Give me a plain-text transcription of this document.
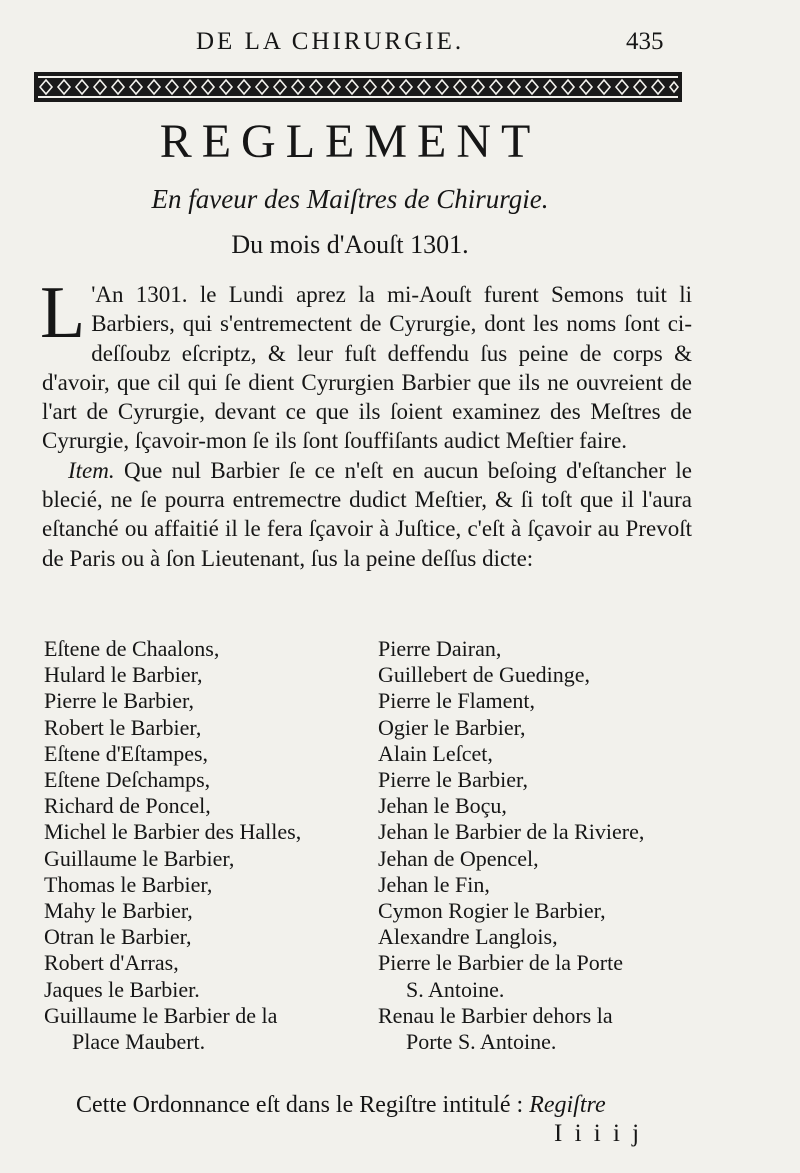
DE LA CHIRURGIE.	435
REGLEMENT
En faveur des Maiſtres de Chirurgie.
Du mois d'Aouſt 1301.

L 'An 1301. le Lundi aprez la mi-Aouſt furent Semons tuit li Barbiers, qui s'entremectent de Cyrurgie, dont les noms ſont ci-deſſoubz eſcriptz, & leur fuſt deffendu ſus peine de corps & d'avoir, que cil qui ſe dient Cyrurgien Barbier que ils ne ouvreient de l'art de Cyrurgie, devant ce que ils ſoient examinez des Meſtres de Cyrurgie, ſçavoir-mon ſe ils ſont ſouffiſants audict Meſtier faire.

Item. Que nul Barbier ſe ce n'eſt en aucun beſoing d'eſtancher le blecié, ne ſe pourra entremectre dudict Meſtier, & ſi toſt que il l'aura eſtanché ou affaitié il le fera ſçavoir à Juſtice, c'eſt à ſçavoir au Prevoſt de Paris ou à ſon Lieutenant, ſus la peine deſſus dicte:

Eſtene de Chaalons,
Hulard le Barbier,
Pierre le Barbier,
Robert le Barbier,
Eſtene d'Eſtampes,
Eſtene Deſchamps,
Richard de Poncel,
Michel le Barbier des Halles,
Guillaume le Barbier,
Thomas le Barbier,
Mahy le Barbier,
Otran le Barbier,
Robert d'Arras,
Jaques le Barbier.
Guillaume le Barbier de la
Place Maubert.
Pierre Dairan,
Guillebert de Guedinge,
Pierre le Flament,
Ogier le Barbier,
Alain Leſcet,
Pierre le Barbier,
Jehan le Boçu,
Jehan le Barbier de la Riviere,
Jehan de Opencel,
Jehan le Fin,
Cymon Rogier le Barbier,
Alexandre Langlois,
Pierre le Barbier de la Porte
S. Antoine.
Renau le Barbier dehors la
Porte S. Antoine.
Cette Ordonnance eſt dans le Regiſtre intitulé : Regiſtre
I i i i j
